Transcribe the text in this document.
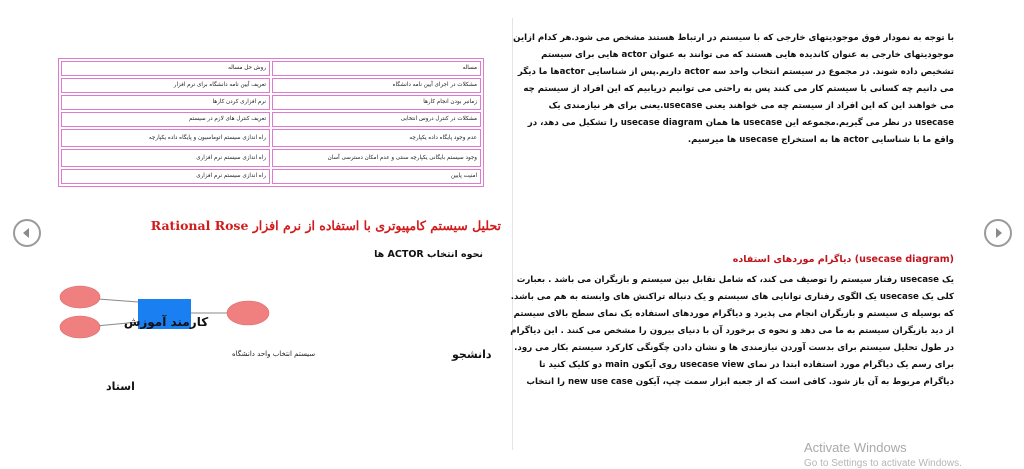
مساله	روش حل مساله
مشکلات در اجرای آیین نامه دانشگاه	تعریف آیین نامه دانشگاه برای نرم افزار
زمانبر بودن انجام کارها	نرم افزاری کردن کارها
مشکلات در کنترل دروس انتخابی	تعریف کنترل های لازم در سیستم
عدم وجود پایگاه داده یکپارچه	راه اندازی سیستم اتوماسیون و پایگاه داده یکپارچه
وجود سیستم بایگانی یکپارچه سنتی و عدم امکان دسترسی آسان	راه اندازی سیستم نرم افزاری
امنیت پایین	راه اندازی سیستم نرم افزاری
تحلیل سیستم کامپیوتری با استفاده از نرم افزار Rational Rose
نحوه انتخاب ACTOR ها
کارمند آموزش
دانشجو
سیستم انتخاب واحد دانشگاه
استاد
با توجه به نمودار فوق موجودیتهای خارجی که با سیستم در ارتباط هستند مشخص می شود.هر کدام ازاین موجودیتهای خارجی به عنوان کاندیده هایی هستند که می توانند به عنوان actor هایی برای سیستم تشخیص داده شوند. در مجموع در سیستم انتخاب واحد سه actor داریم.پس از شناسایی actorها ما دیگر می دانیم چه کسانی با سیستم کار می کنند پس به راحتی می توانیم دریابیم که این افراد از سیستم چه می خواهند این که این افراد از سیستم چه می خواهند یعنی usecase.یعنی برای هر نیازمندی یک usecase در نظر می گیریم.مجموعه این usecase ها همان usecase diagram را تشکیل می دهد، در واقع ما با شناسایی actor ها به استخراج usecase ها میرسیم.
(usecase diagram) دیاگرام موردهای استفاده
یک usecase رفتار سیستم را توصیف می کند، که شامل تقابل بین سیستم و بازیگران می باشد . بعبارت کلی یک usecase یک الگوی رفتاری توانایی های سیستم و یک دنباله تراکنش های وابسته به هم می باشد. که بوسیله ی سیستم و بازیگران انجام می پذیرد و دیاگرام موردهای استفاده یک نمای سطح بالای سیستم از دید بازیگران سیستم به ما می دهد و نحوه ی برخورد آن با دنیای بیرون را مشخص می کنند . این دیاگرام در طول تحلیل سیستم برای بدست آوردن نیازمندی ها و نشان دادن چگونگی کارکرد سیستم بکار می رود. برای رسم یک دیاگرام مورد استفاده ابتدا در نمای usecase view روی آیکون main دو کلیک کنید تا دیاگرام مربوط به آن باز شود. کافی است که از جعبه ابزار سمت چپ، آیکون new use case را انتخاب
Activate Windows
Go to Settings to activate Windows.
